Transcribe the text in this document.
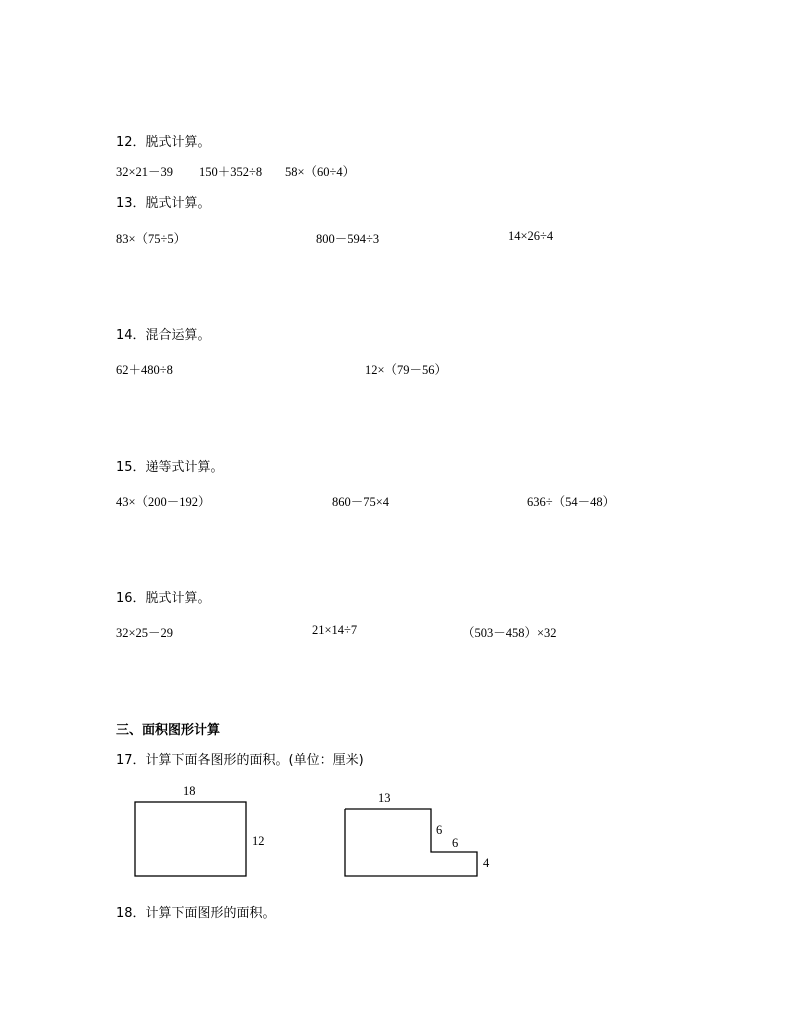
12．脱式计算。
32×21－39 150＋352÷8 58×（60÷4）
13．脱式计算。
83×（75÷5）	800－594÷3	14×26÷4
14．混合运算。
62＋480÷8	12×（79－56）
15．递等式计算。
43×（200－192）	860－75×4	636÷（54－48）
16．脱式计算。
32×25－29	21×14÷7	（503－458）×32
三、面积图形计算
17．计算下面各图形的面积。(单位：厘米)
18
12
13
6
6
4
18．计算下面图形的面积。
